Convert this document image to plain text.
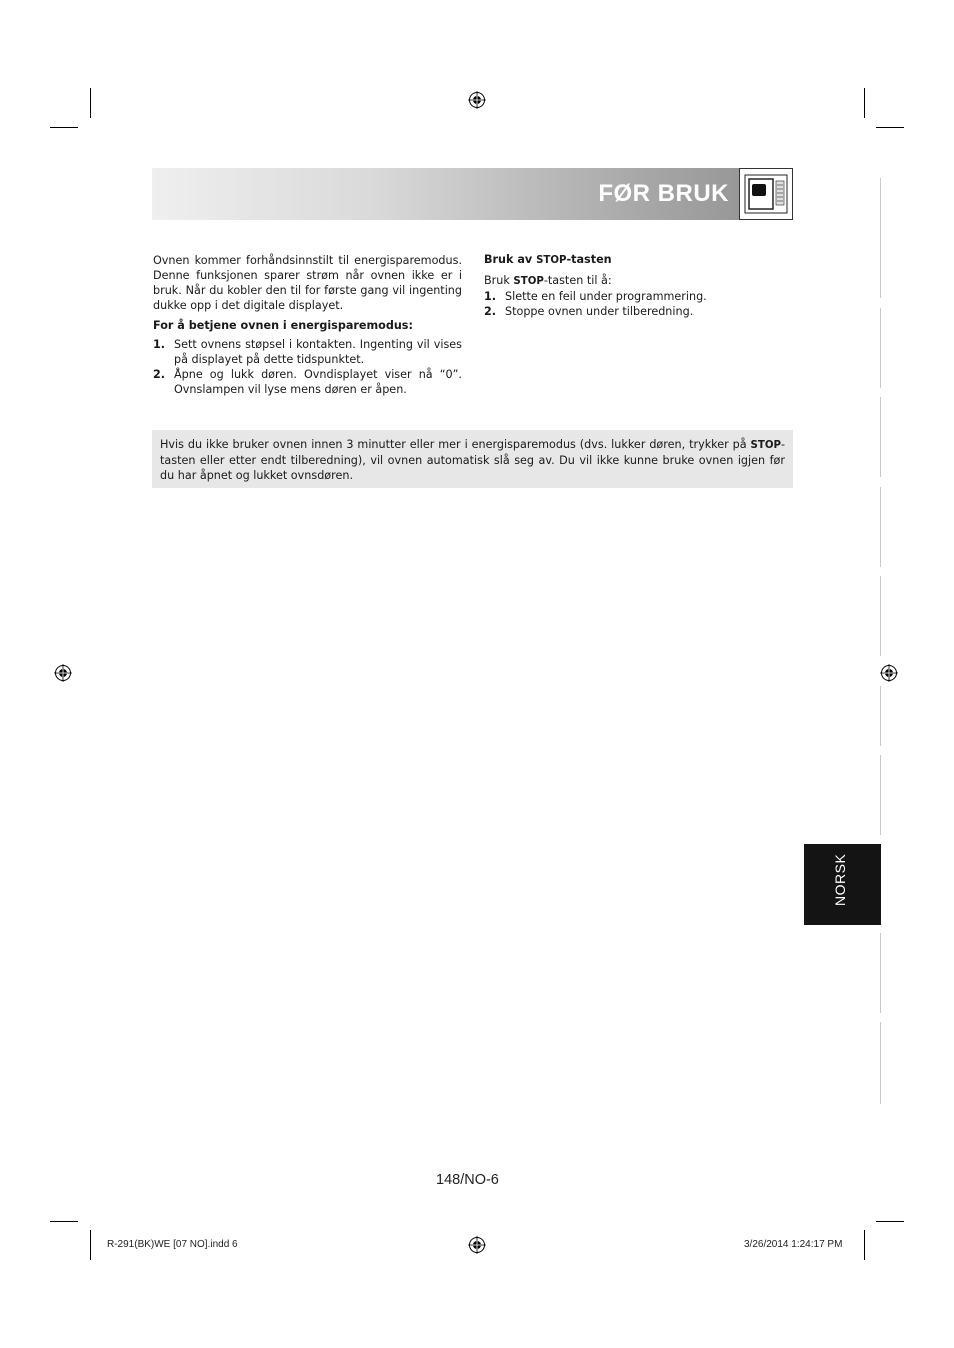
FØR BRUK

Ovnen kommer forhåndsinnstilt til energisparemodus. Denne funksjonen sparer strøm når ovnen ikke er i bruk. Når du kobler den til for første gang vil ingenting dukke opp i det digitale displayet.

For å betjene ovnen i energisparemodus:
1. Sett ovnens støpsel i kontakten. Ingenting vil vises på displayet på dette tidspunktet.
2. Åpne og lukk døren. Ovndisplayet viser nå “0”. Ovnslampen vil lyse mens døren er åpen.
Bruk av STOP-tasten

Bruk STOP-tasten til å:

1. Slette en feil under programmering.
2. Stoppe ovnen under tilberedning.
Hvis du ikke bruker ovnen innen 3 minutter eller mer i energisparemodus (dvs. lukker døren, trykker på STOP-tasten eller etter endt tilberedning), vil ovnen automatisk slå seg av. Du vil ikke kunne bruke ovnen igjen før du har åpnet og lukket ovnsdøren.
NORSK
148/NO-6
R-291(BK)WE [07 NO].indd 6	3/26/2014 1:24:17 PM
